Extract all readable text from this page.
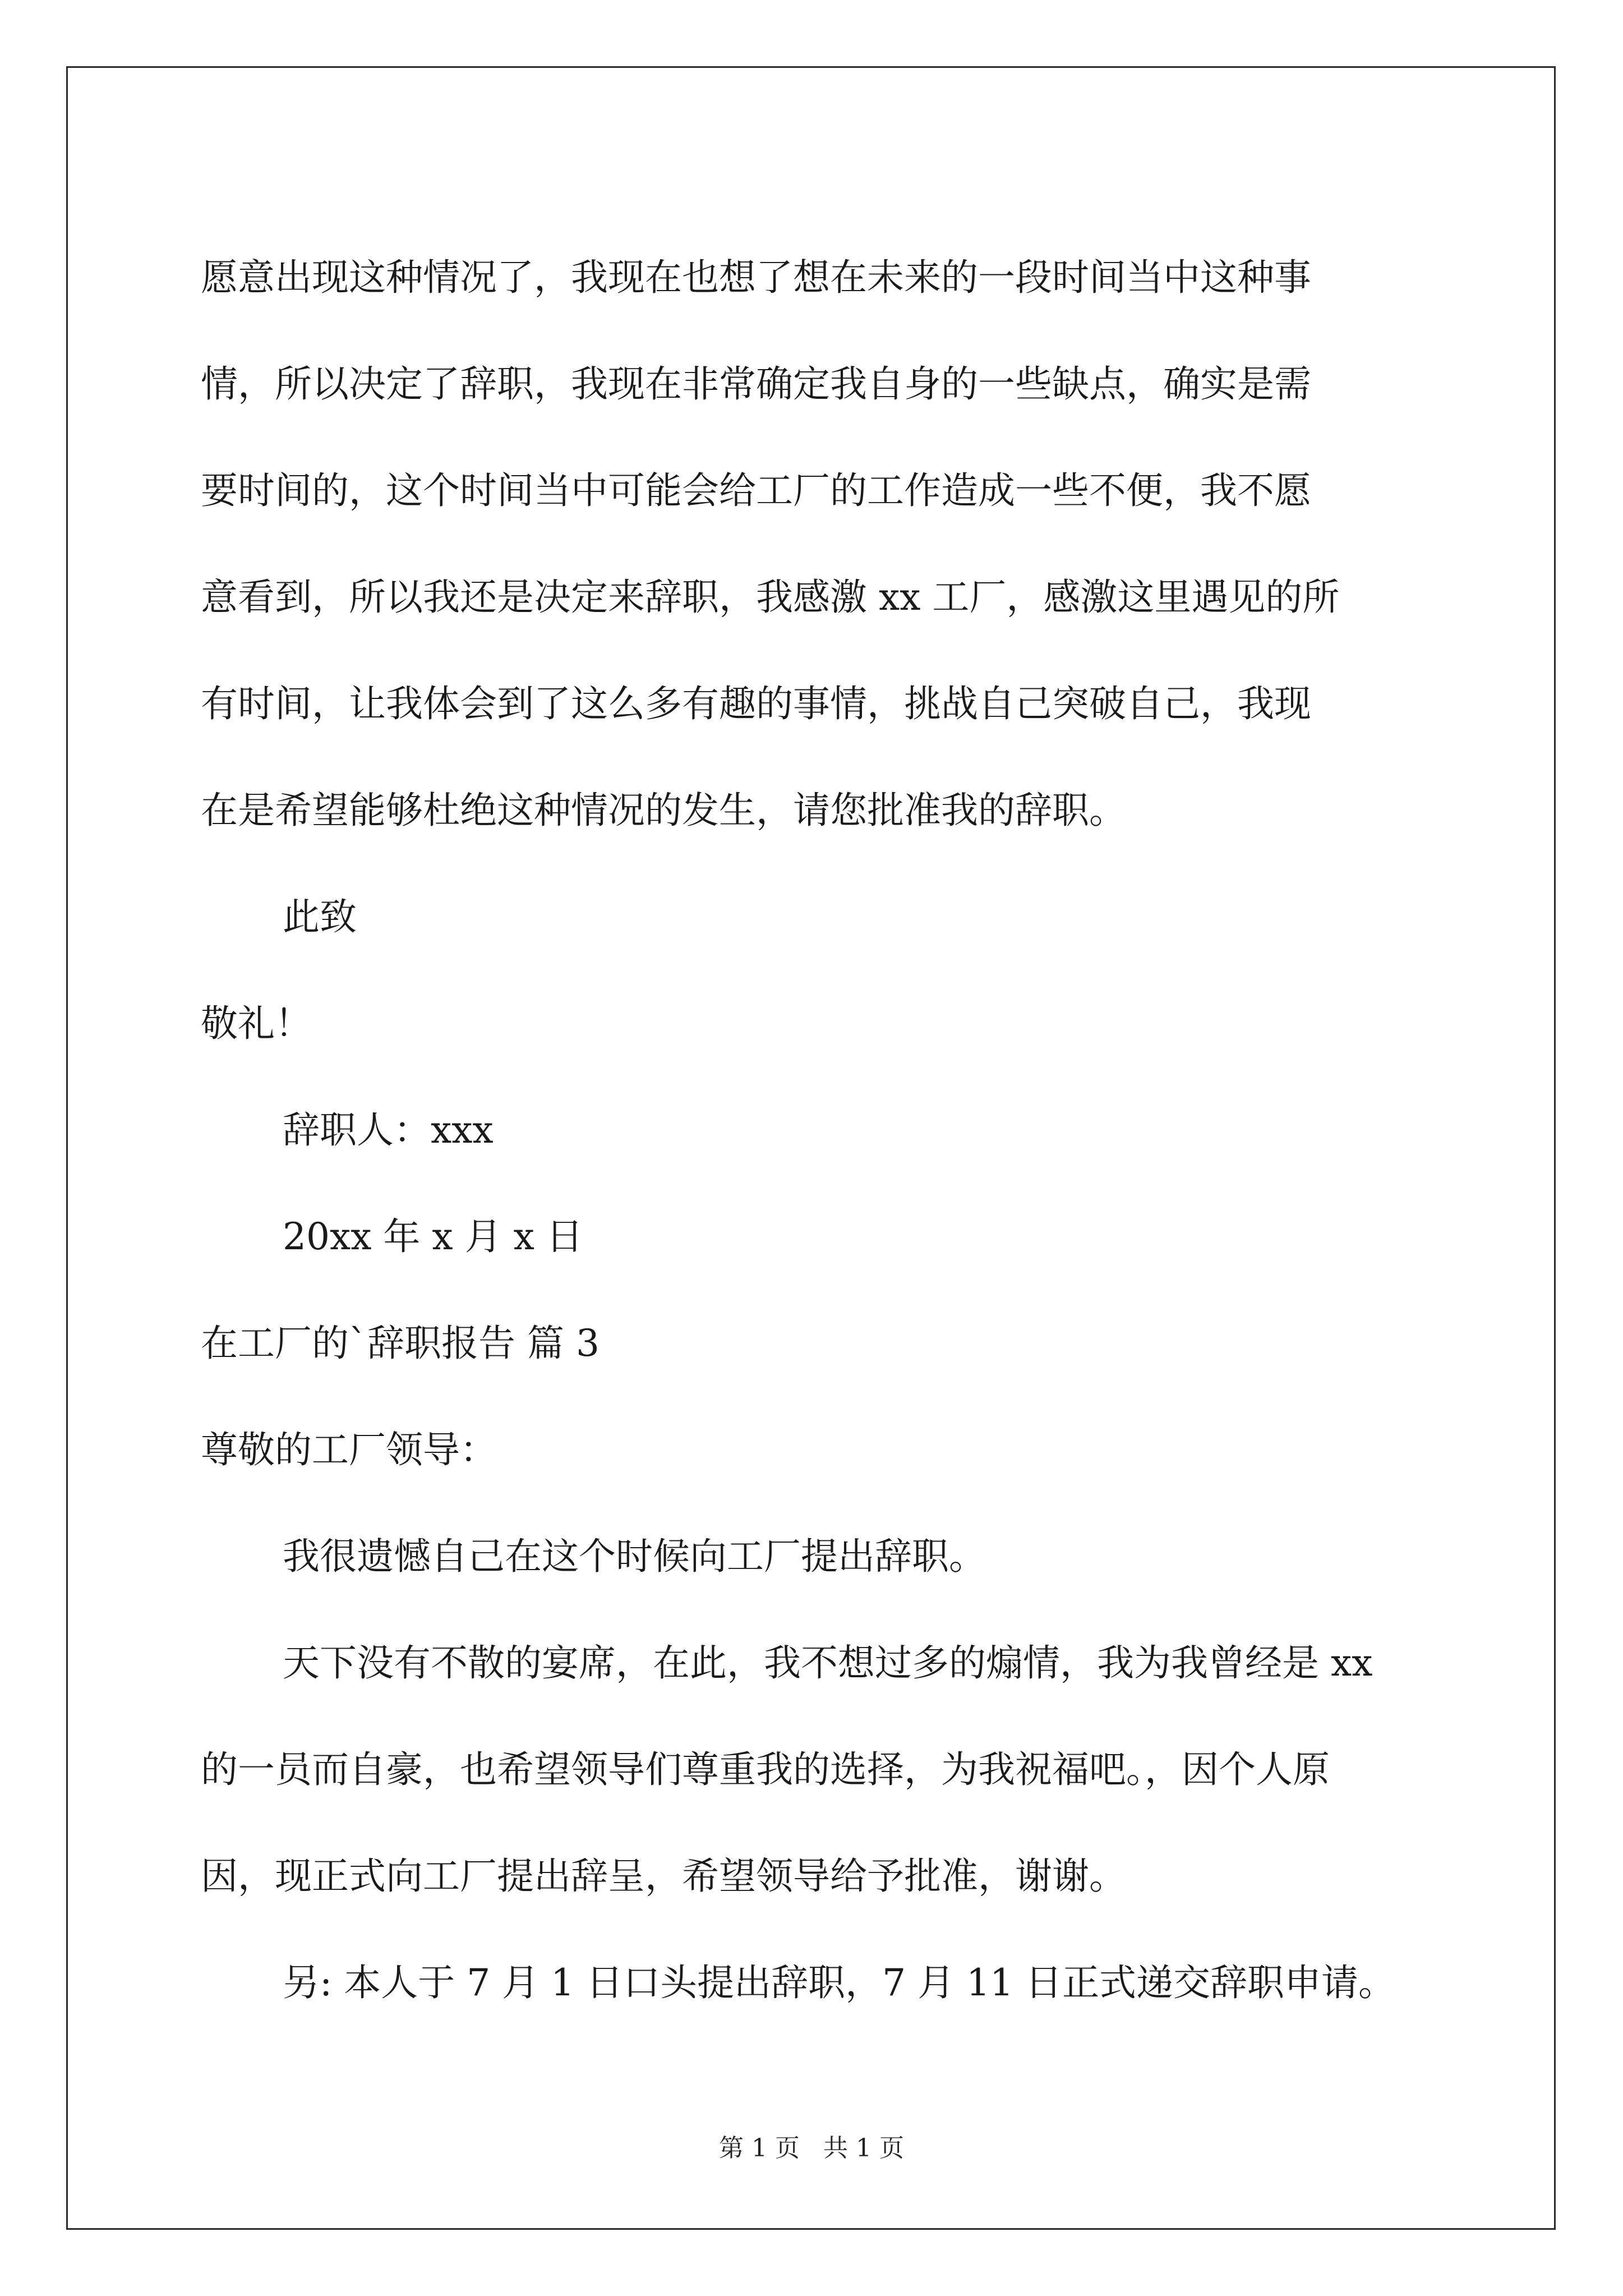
愿意出现这种情况了，我现在也想了想在未来的一段时间当中这种事

情，所以决定了辞职，我现在非常确定我自身的一些缺点，确实是需

要时间的，这个时间当中可能会给工厂的工作造成一些不便，我不愿

意看到，所以我还是决定来辞职，我感激 xx 工厂，感激这里遇见的所

有时间，让我体会到了这么多有趣的事情，挑战自己突破自己，我现

在是希望能够杜绝这种情况的发生，请您批准我的辞职。

此致

敬礼！

辞职人：xxx

20xx 年 x 月 x 日

在工厂的`辞职报告 篇 3

尊敬的工厂领导：

我很遗憾自己在这个时候向工厂提出辞职。

天下没有不散的宴席，在此，我不想过多的煽情，我为我曾经是 xx

的一员而自豪，也希望领导们尊重我的选择，为我祝福吧。，因个人原

因，现正式向工厂提出辞呈，希望领导给予批准，谢谢。

另: 本人于 7 月 1 日口头提出辞职，7 月 11 日正式递交辞职申请。

第 1 页 共 1 页
